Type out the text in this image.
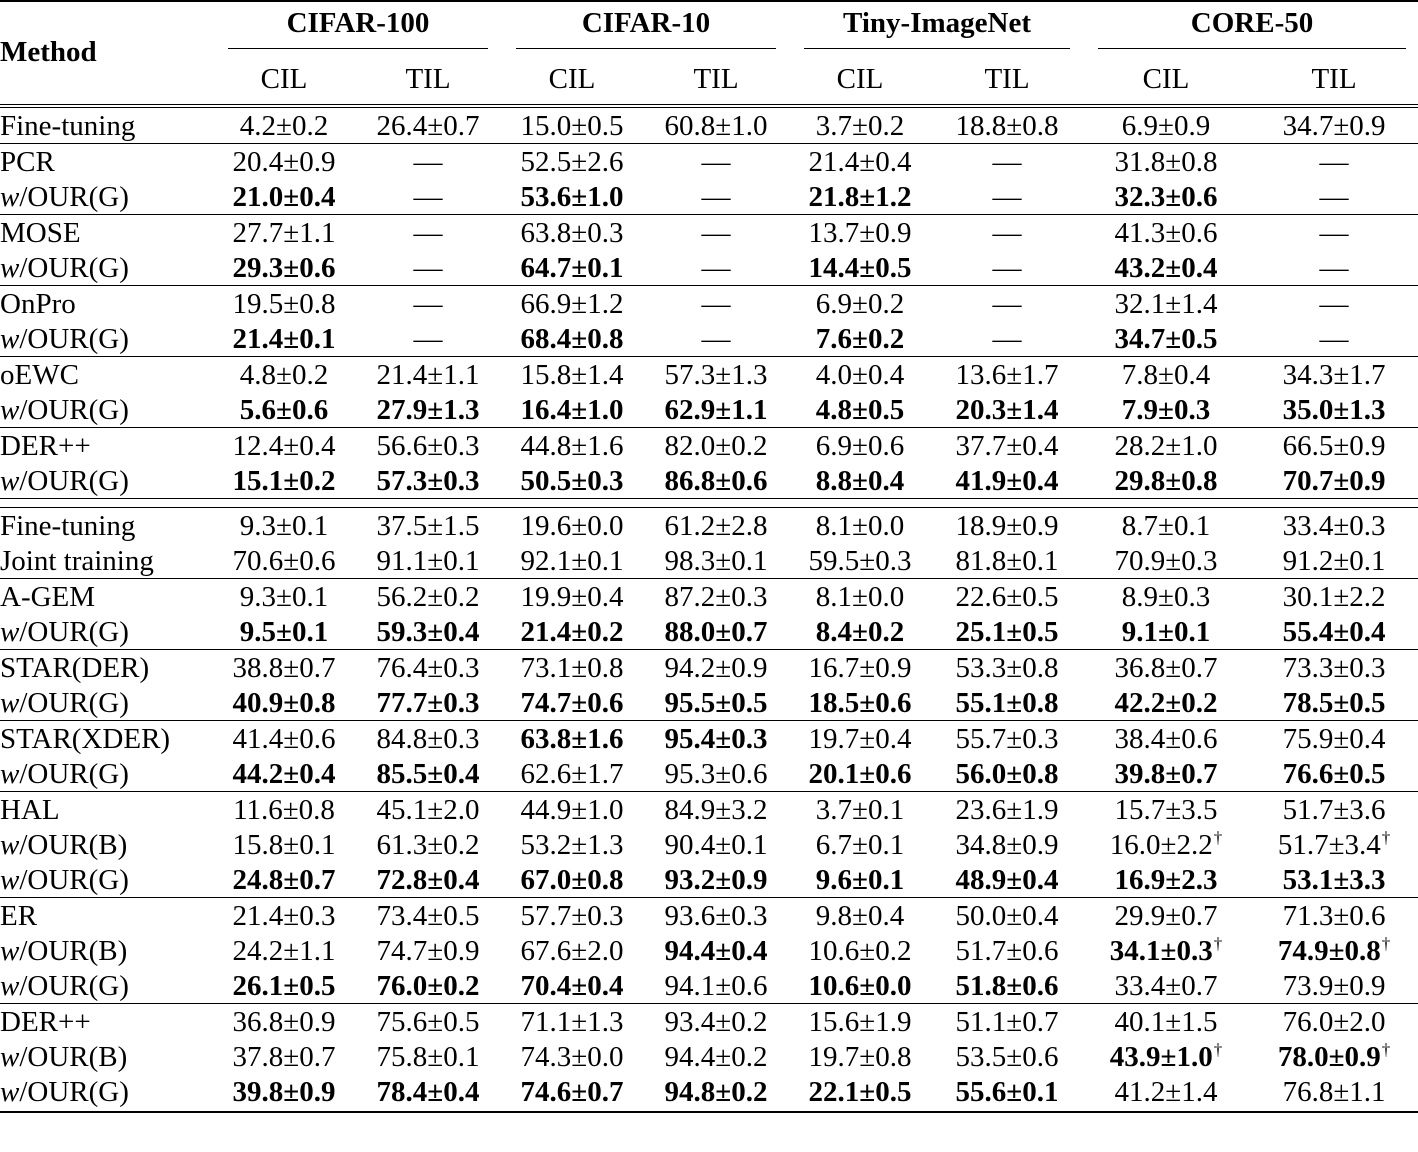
Method	CIFAR-100		CIFAR-10		Tiny-ImageNet		CORE-50	

	CIL	TIL	CIL	TIL	CIL	TIL	CIL	TIL
Fine-tuning	4.2±0.2	26.4±0.7	15.0±0.5	60.8±1.0	3.7±0.2	18.8±0.8	6.9±0.9	34.7±0.9
PCR	20.4±0.9	—	52.5±2.6	—	21.4±0.4	—	31.8±0.8	—
w/OUR(G)	21.0±0.4	—	53.6±1.0	—	21.8±1.2	—	32.3±0.6	—
MOSE	27.7±1.1	—	63.8±0.3	—	13.7±0.9	—	41.3±0.6	—
w/OUR(G)	29.3±0.6	—	64.7±0.1	—	14.4±0.5	—	43.2±0.4	—
OnPro	19.5±0.8	—	66.9±1.2	—	6.9±0.2	—	32.1±1.4	—
w/OUR(G)	21.4±0.1	—	68.4±0.8	—	7.6±0.2	—	34.7±0.5	—
oEWC	4.8±0.2	21.4±1.1	15.8±1.4	57.3±1.3	4.0±0.4	13.6±1.7	7.8±0.4	34.3±1.7
w/OUR(G)	5.6±0.6	27.9±1.3	16.4±1.0	62.9±1.1	4.8±0.5	20.3±1.4	7.9±0.3	35.0±1.3
DER++	12.4±0.4	56.6±0.3	44.8±1.6	82.0±0.2	6.9±0.6	37.7±0.4	28.2±1.0	66.5±0.9
w/OUR(G)	15.1±0.2	57.3±0.3	50.5±0.3	86.8±0.6	8.8±0.4	41.9±0.4	29.8±0.8	70.7±0.9

Fine-tuning	9.3±0.1	37.5±1.5	19.6±0.0	61.2±2.8	8.1±0.0	18.9±0.9	8.7±0.1	33.4±0.3
Joint training	70.6±0.6	91.1±0.1	92.1±0.1	98.3±0.1	59.5±0.3	81.8±0.1	70.9±0.3	91.2±0.1
A-GEM	9.3±0.1	56.2±0.2	19.9±0.4	87.2±0.3	8.1±0.0	22.6±0.5	8.9±0.3	30.1±2.2
w/OUR(G)	9.5±0.1	59.3±0.4	21.4±0.2	88.0±0.7	8.4±0.2	25.1±0.5	9.1±0.1	55.4±0.4
STAR(DER)	38.8±0.7	76.4±0.3	73.1±0.8	94.2±0.9	16.7±0.9	53.3±0.8	36.8±0.7	73.3±0.3
w/OUR(G)	40.9±0.8	77.7±0.3	74.7±0.6	95.5±0.5	18.5±0.6	55.1±0.8	42.2±0.2	78.5±0.5
STAR(XDER)	41.4±0.6	84.8±0.3	63.8±1.6	95.4±0.3	19.7±0.4	55.7±0.3	38.4±0.6	75.9±0.4
w/OUR(G)	44.2±0.4	85.5±0.4	62.6±1.7	95.3±0.6	20.1±0.6	56.0±0.8	39.8±0.7	76.6±0.5
HAL	11.6±0.8	45.1±2.0	44.9±1.0	84.9±3.2	3.7±0.1	23.6±1.9	15.7±3.5	51.7±3.6
w/OUR(B)	15.8±0.1	61.3±0.2	53.2±1.3	90.4±0.1	6.7±0.1	34.8±0.9	16.0±2.2†	51.7±3.4†
w/OUR(G)	24.8±0.7	72.8±0.4	67.0±0.8	93.2±0.9	9.6±0.1	48.9±0.4	16.9±2.3	53.1±3.3
ER	21.4±0.3	73.4±0.5	57.7±0.3	93.6±0.3	9.8±0.4	50.0±0.4	29.9±0.7	71.3±0.6
w/OUR(B)	24.2±1.1	74.7±0.9	67.6±2.0	94.4±0.4	10.6±0.2	51.7±0.6	34.1±0.3†	74.9±0.8†
w/OUR(G)	26.1±0.5	76.0±0.2	70.4±0.4	94.1±0.6	10.6±0.0	51.8±0.6	33.4±0.7	73.9±0.9
DER++	36.8±0.9	75.6±0.5	71.1±1.3	93.4±0.2	15.6±1.9	51.1±0.7	40.1±1.5	76.0±2.0
w/OUR(B)	37.8±0.7	75.8±0.1	74.3±0.0	94.4±0.2	19.7±0.8	53.5±0.6	43.9±1.0†	78.0±0.9†
w/OUR(G)	39.8±0.9	78.4±0.4	74.6±0.7	94.8±0.2	22.1±0.5	55.6±0.1	41.2±1.4	76.8±1.1
